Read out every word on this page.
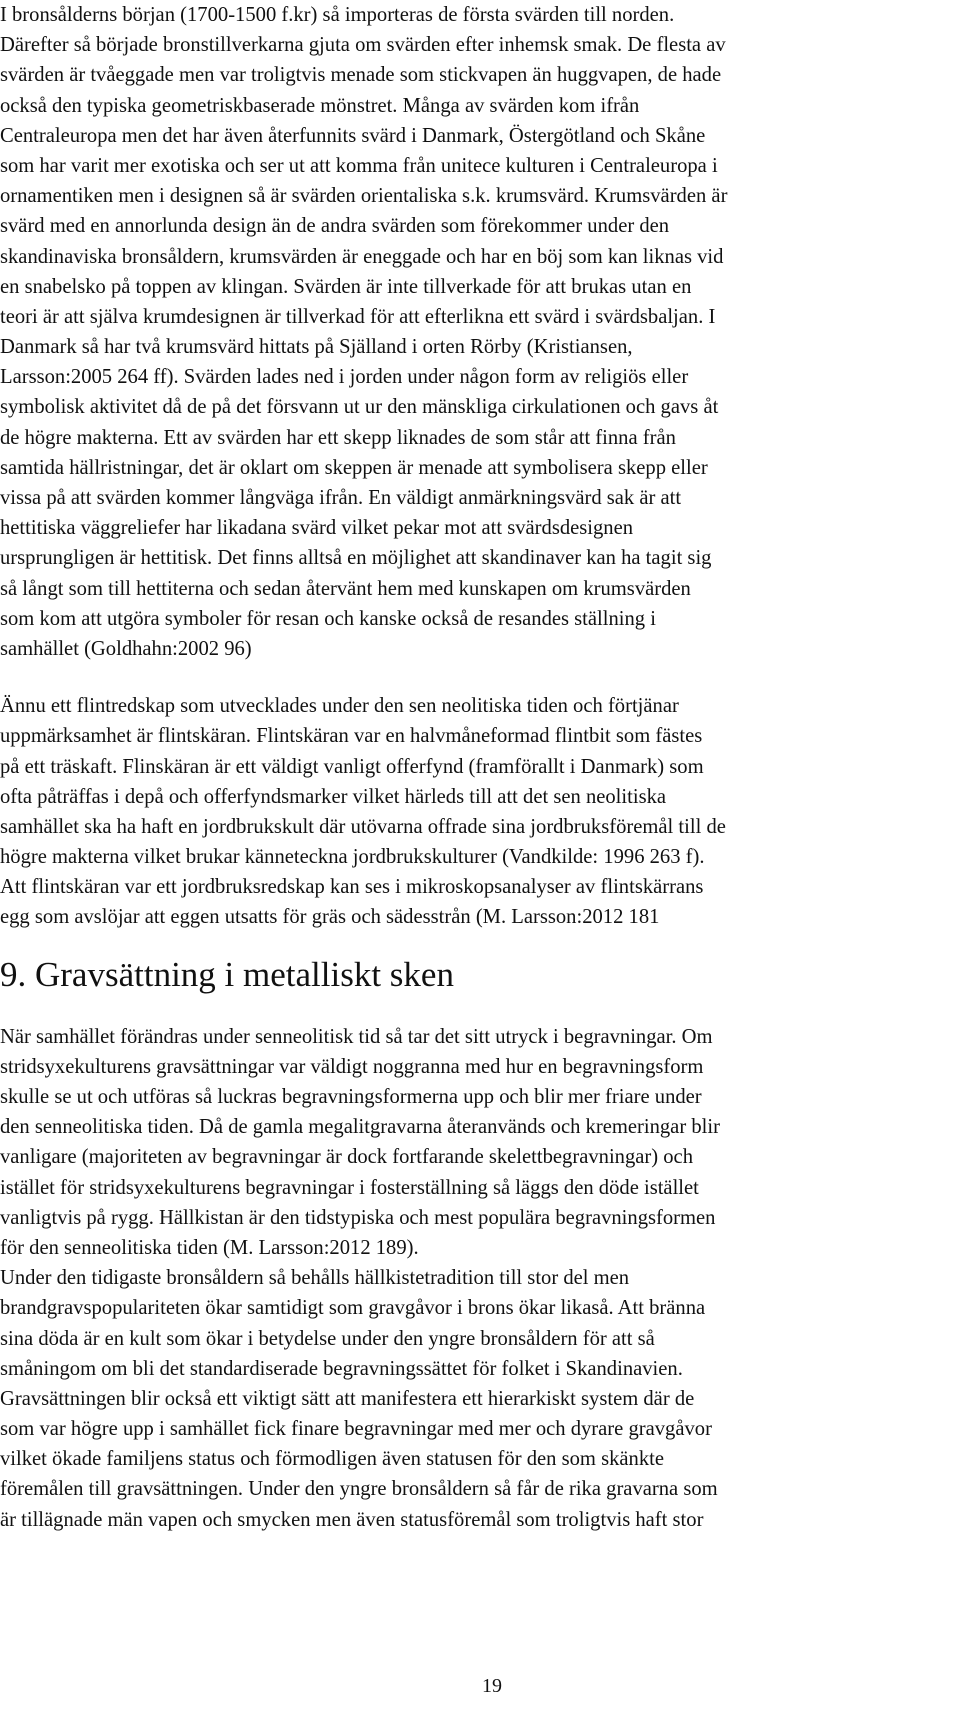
I bronsålderns början (1700-1500 f.kr) så importeras de första svärden till norden.
Därefter så började bronstillverkarna gjuta om svärden efter inhemsk smak. De flesta av
svärden är tvåeggade men var troligtvis menade som stickvapen än huggvapen, de hade
också den typiska geometriskbaserade mönstret. Många av svärden kom ifrån
Centraleuropa men det har även återfunnits svärd i Danmark, Östergötland och Skåne
som har varit mer exotiska och ser ut att komma från unitece kulturen i Centraleuropa i
ornamentiken men i designen så är svärden orientaliska s.k. krumsvärd. Krumsvärden är
svärd med en annorlunda design än de andra svärden som förekommer under den
skandinaviska bronsåldern, krumsvärden är eneggade och har en böj som kan liknas vid
en snabelsko på toppen av klingan. Svärden är inte tillverkade för att brukas utan en
teori är att själva krumdesignen är tillverkad för att efterlikna ett svärd i svärdsbaljan. I
Danmark så har två krumsvärd hittats på Själland i orten Rörby (Kristiansen,
Larsson:2005 264 ff). Svärden lades ned i jorden under någon form av religiös eller
symbolisk aktivitet då de på det försvann ut ur den mänskliga cirkulationen och gavs åt
de högre makterna. Ett av svärden har ett skepp liknades de som står att finna från
samtida hällristningar, det är oklart om skeppen är menade att symbolisera skepp eller
vissa på att svärden kommer långväga ifrån. En väldigt anmärkningsvärd sak är att
hettitiska väggreliefer har likadana svärd vilket pekar mot att svärdsdesignen
ursprungligen är hettitisk. Det finns alltså en möjlighet att skandinaver kan ha tagit sig
så långt som till hettiterna och sedan återvänt hem med kunskapen om krumsvärden
som kom att utgöra symboler för resan och kanske också de resandes ställning i
samhället (Goldhahn:2002 96)
Ännu ett flintredskap som utvecklades under den sen neolitiska tiden och förtjänar
uppmärksamhet är flintskäran. Flintskäran var en halvmåneformad flintbit som fästes
på ett träskaft. Flinskäran är ett väldigt vanligt offerfynd (framförallt i Danmark) som
ofta påträffas i depå och offerfyndsmarker vilket härleds till att det sen neolitiska
samhället ska ha haft en jordbrukskult där utövarna offrade sina jordbruksföremål till de
högre makterna vilket brukar känneteckna jordbrukskulturer (Vandkilde: 1996 263 f).
Att flintskäran var ett jordbruksredskap kan ses i mikroskopsanalyser av flintskärrans
egg som avslöjar att eggen utsatts för gräs och sädesstrån (M. Larsson:2012 181
9. Gravsättning i metalliskt sken
När samhället förändras under senneolitisk tid så tar det sitt utryck i begravningar. Om
stridsyxekulturens gravsättningar var väldigt noggranna med hur en begravningsform
skulle se ut och utföras så luckras begravningsformerna upp och blir mer friare under
den senneolitiska tiden. Då de gamla megalitgravarna återanvänds och kremeringar blir
vanligare (majoriteten av begravningar är dock fortfarande skelettbegravningar) och
istället för stridsyxekulturens begravningar i fosterställning så läggs den döde istället
vanligtvis på rygg. Hällkistan är den tidstypiska och mest populära begravningsformen
för den senneolitiska tiden (M. Larsson:2012 189).
Under den tidigaste bronsåldern så behålls hällkistetradition till stor del men
brandgravspopulariteten ökar samtidigt som gravgåvor i brons ökar likaså. Att bränna
sina döda är en kult som ökar i betydelse under den yngre bronsåldern för att så
småningom om bli det standardiserade begravningssättet för folket i Skandinavien.
Gravsättningen blir också ett viktigt sätt att manifestera ett hierarkiskt system där de
som var högre upp i samhället fick finare begravningar med mer och dyrare gravgåvor
vilket ökade familjens status och förmodligen även statusen för den som skänkte
föremålen till gravsättningen. Under den yngre bronsåldern så får de rika gravarna som
är tillägnade män vapen och smycken men även statusföremål som troligtvis haft stor
19
